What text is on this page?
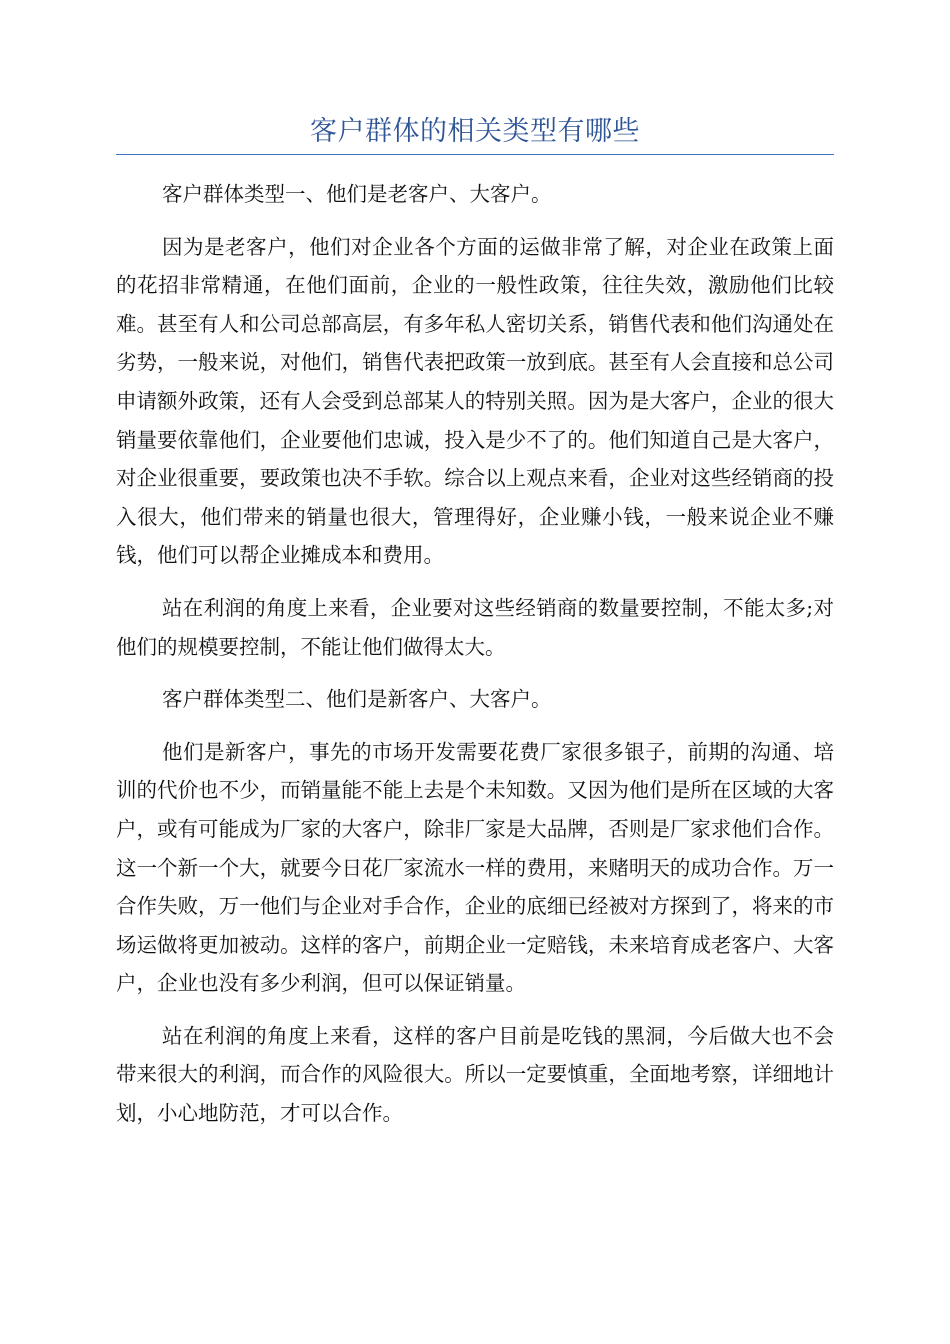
客户群体的相关类型有哪些

客户群体类型一、他们是老客户、大客户。

因为是老客户，他们对企业各个方面的运做非常了解，对企业在政策上面的花招非常精通，在他们面前，企业的一般性政策，往往失效，激励他们比较难。甚至有人和公司总部高层，有多年私人密切关系，销售代表和他们沟通处在劣势，一般来说，对他们，销售代表把政策一放到底。甚至有人会直接和总公司申请额外政策，还有人会受到总部某人的特别关照。因为是大客户，企业的很大销量要依靠他们，企业要他们忠诚，投入是少不了的。他们知道自己是大客户，对企业很重要，要政策也决不手软。综合以上观点来看，企业对这些经销商的投入很大，他们带来的销量也很大，管理得好，企业赚小钱，一般来说企业不赚钱，他们可以帮企业摊成本和费用。

站在利润的角度上来看，企业要对这些经销商的数量要控制，不能太多;对他们的规模要控制，不能让他们做得太大。

客户群体类型二、他们是新客户、大客户。

他们是新客户，事先的市场开发需要花费厂家很多银子，前期的沟通、培训的代价也不少，而销量能不能上去是个未知数。又因为他们是所在区域的大客户，或有可能成为厂家的大客户，除非厂家是大品牌，否则是厂家求他们合作。这一个新一个大，就要今日花厂家流水一样的费用，来赌明天的成功合作。万一合作失败，万一他们与企业对手合作，企业的底细已经被对方探到了，将来的市场运做将更加被动。这样的客户，前期企业一定赔钱，未来培育成老客户、大客户，企业也没有多少利润，但可以保证销量。

站在利润的角度上来看，这样的客户目前是吃钱的黑洞，今后做大也不会带来很大的利润，而合作的风险很大。所以一定要慎重，全面地考察，详细地计划，小心地防范，才可以合作。
